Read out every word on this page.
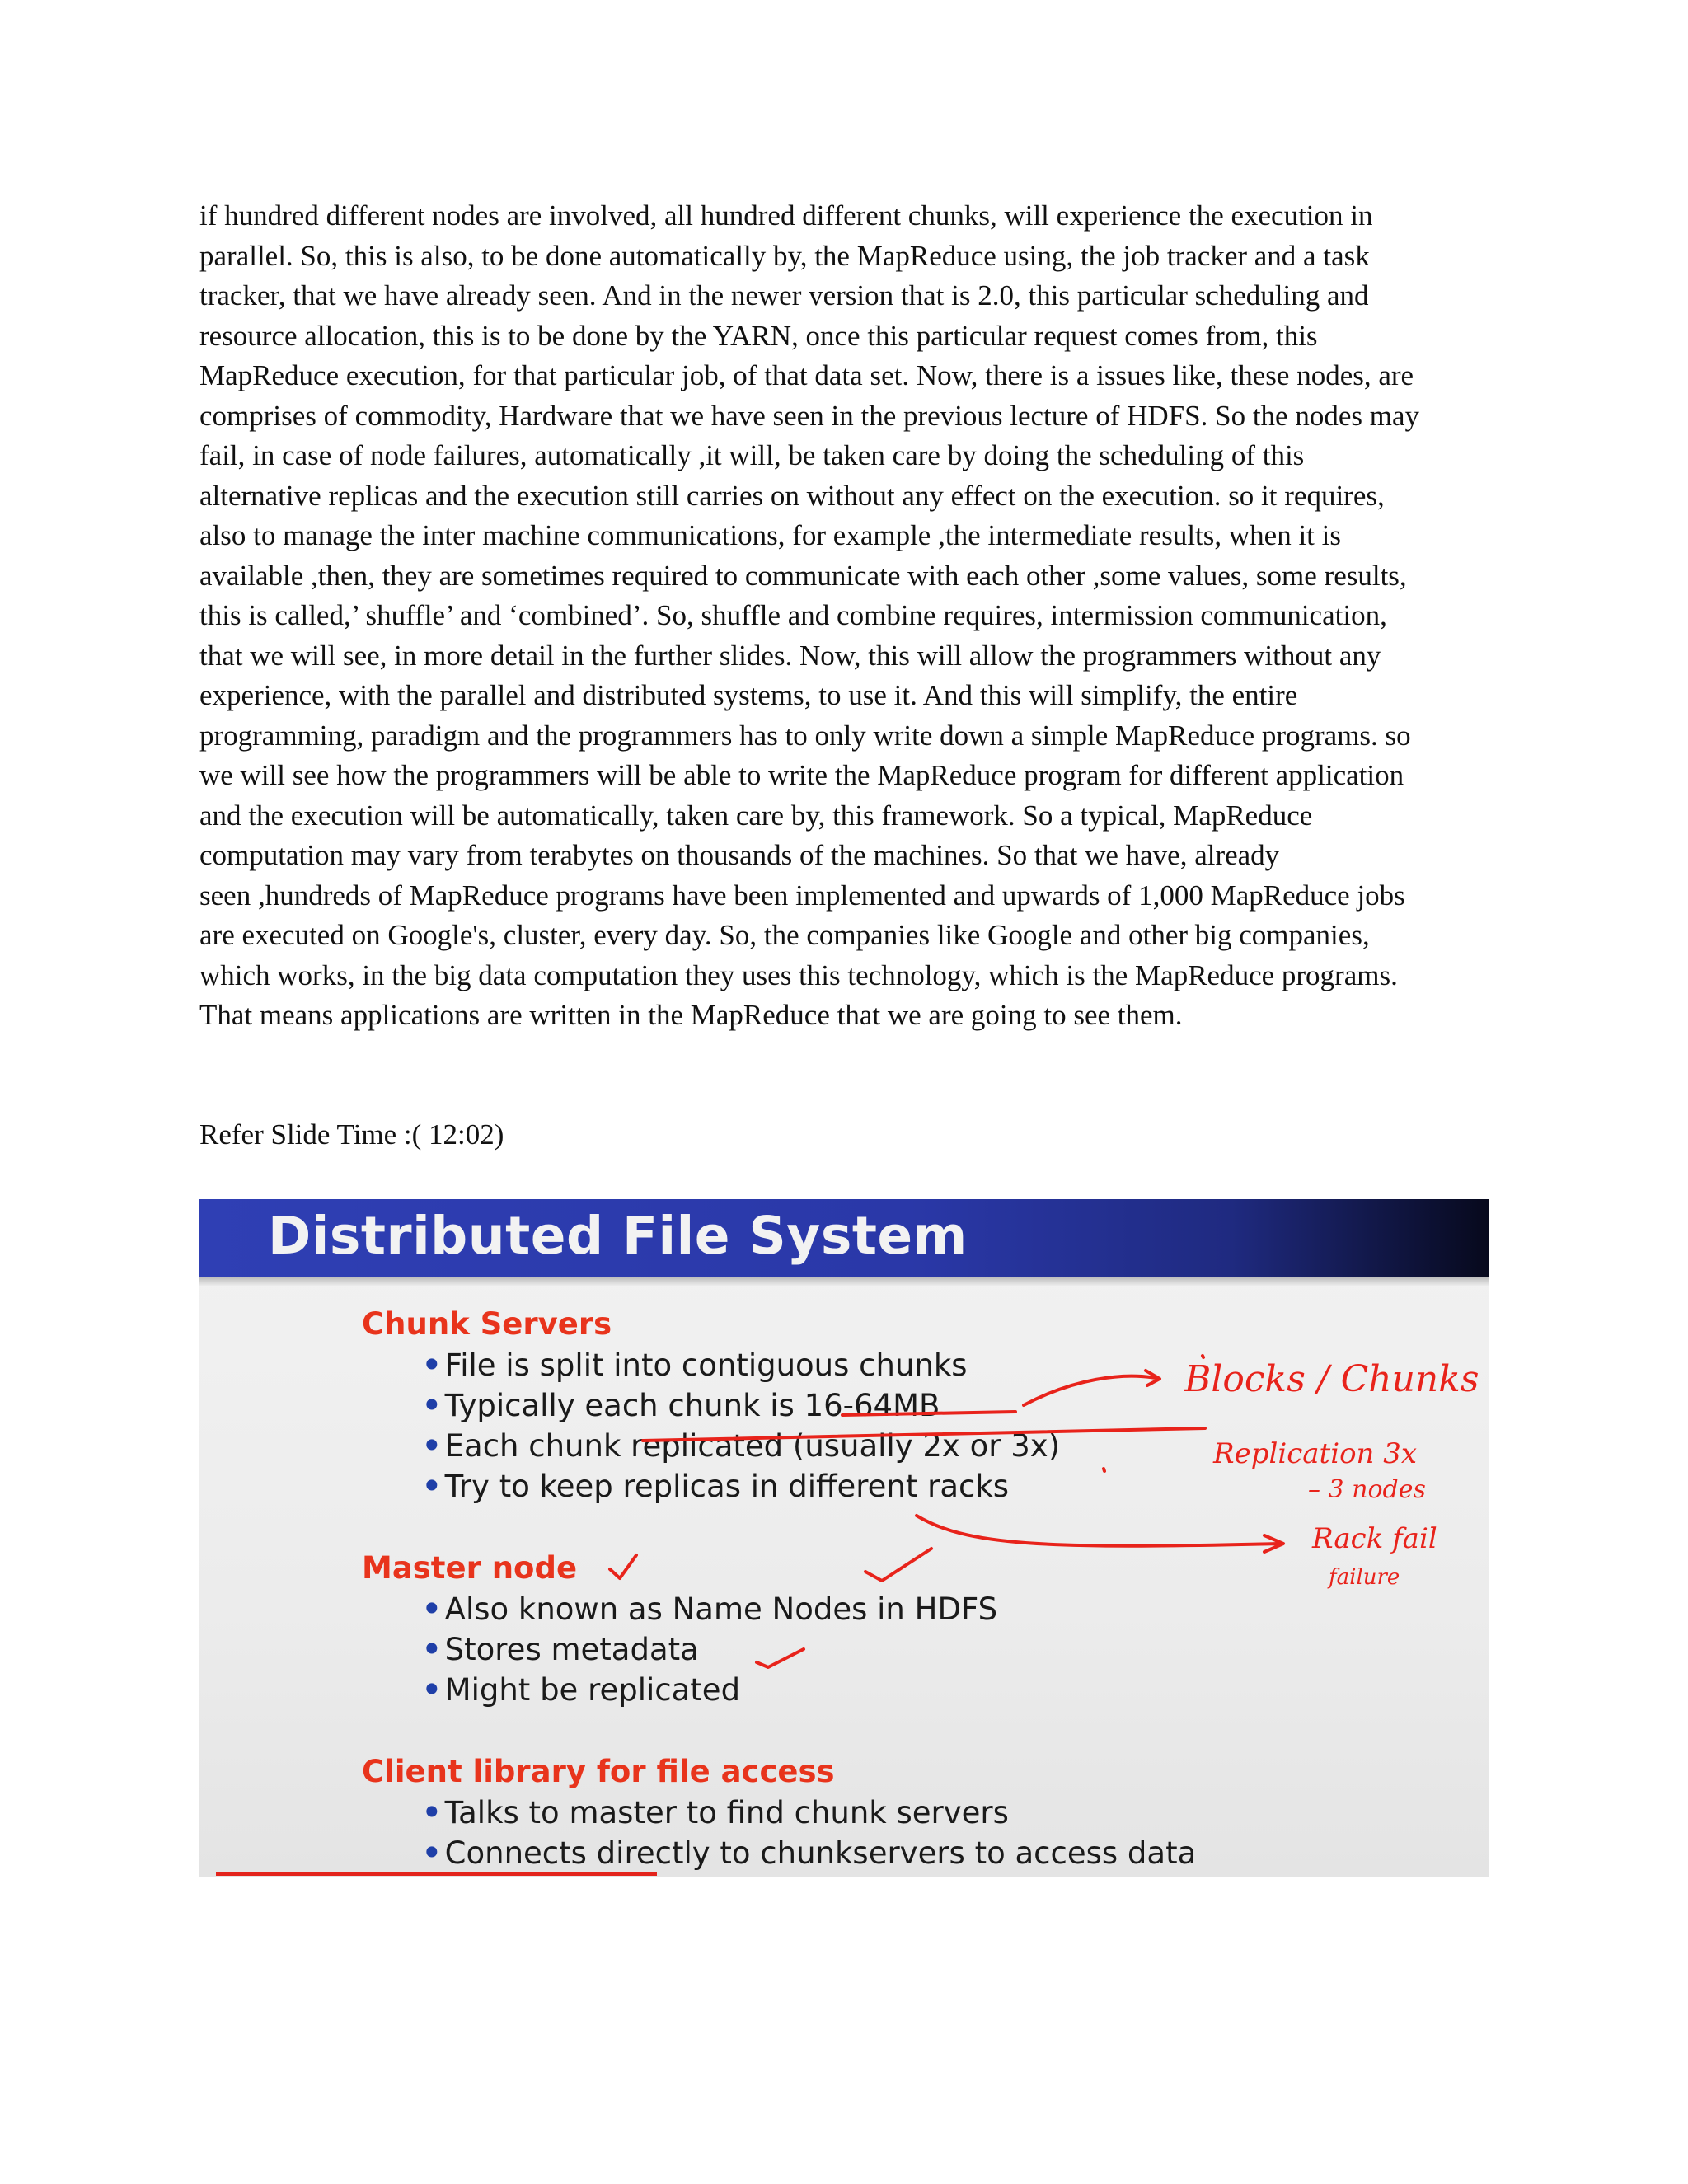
if hundred different nodes are involved, all hundred different chunks, will experience the execution in
parallel. So, this is also, to be done automatically by, the MapReduce using, the job tracker and a task
tracker, that we have already seen. And in the newer version that is 2.0, this particular scheduling and
resource allocation, this is to be done by the YARN, once this particular request comes from, this
MapReduce execution, for that particular job, of that data set. Now, there is a issues like, these nodes, are
comprises of commodity, Hardware that we have seen in the previous lecture of HDFS. So the nodes may
fail, in case of node failures, automatically ,it will, be taken care by doing the scheduling of this
alternative replicas and the execution still carries on without any effect on the execution. so it requires,
also to manage the inter machine communications, for example ,the intermediate results, when it is
available ,then, they are sometimes required to communicate with each other ,some values, some results,
this is called,’ shuffle’ and ‘combined’. So, shuffle and combine requires, intermission communication,
that we will see, in more detail in the further slides. Now, this will allow the programmers without any
experience, with the parallel and distributed systems, to use it. And this will simplify, the entire
programming, paradigm and the programmers has to only write down a simple MapReduce programs. so
we will see how the programmers will be able to write the MapReduce program for different application
and the execution will be automatically, taken care by, this framework. So a typical, MapReduce
computation may vary from terabytes on thousands of the machines. So that we have, already
seen ,hundreds of MapReduce programs have been implemented and upwards of 1,000 MapReduce jobs
are executed on Google's, cluster, every day. So, the companies like Google and other big companies,
which works, in the big data computation they uses this technology, which is the MapReduce programs.
That means applications are written in the MapReduce that we are going to see them.

Refer Slide Time :( 12:02)
Distributed File System
Chunk Servers
• File is split into contiguous chunks
• Typically each chunk is 16-64MB
• Each chunk replicated (usually 2x or 3x)
• Try to keep replicas in different racks
Master node
• Also known as Name Nodes in HDFS
• Stores metadata
• Might be replicated
Client library for file access
• Talks to master to find chunk servers
• Connects directly to chunkservers to access data
Blocks / Chunks
Replication 3x
– 3 nodes
Rack fail
failure
